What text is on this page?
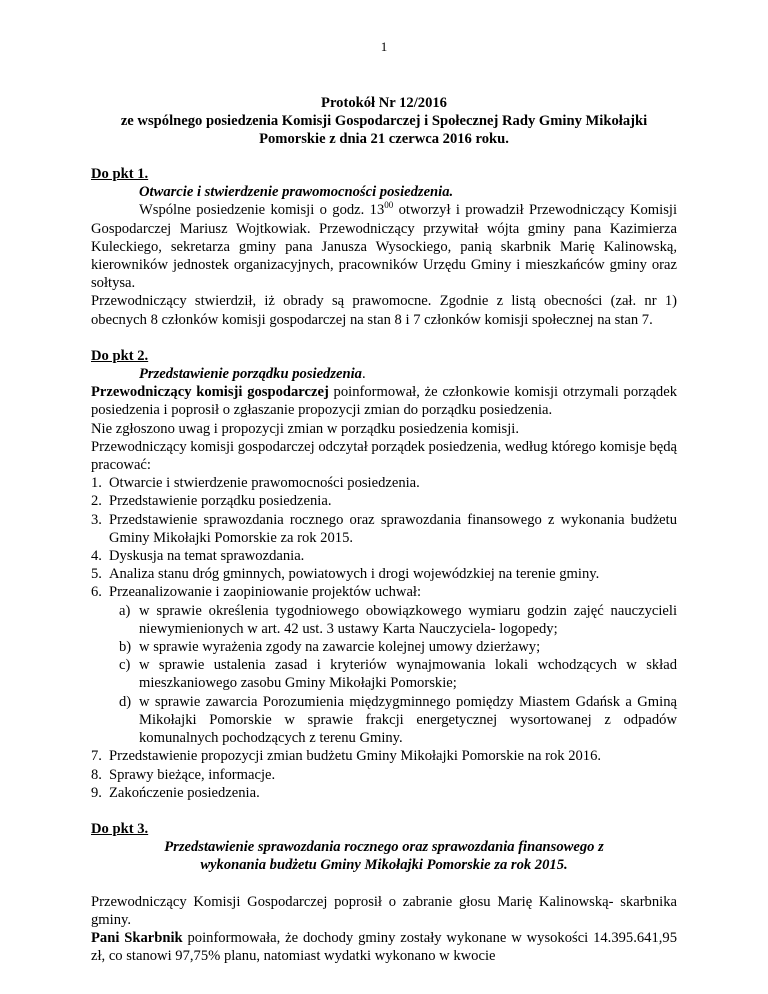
1
Protokół Nr 12/2016
ze wspólnego posiedzenia Komisji Gospodarczej i Społecznej Rady Gminy Mikołajki
Pomorskie z dnia 21 czerwca 2016 roku.
Do pkt 1.
Otwarcie i stwierdzenie prawomocności posiedzenia.

Wspólne posiedzenie komisji o godz. $13^{00}$ otworzył i prowadził Przewodniczący Komisji Gospodarczej Mariusz Wojtkowiak. Przewodniczący przywitał wójta gminy pana Kazimierza Kuleckiego, sekretarza gminy pana Janusza Wysockiego, panią skarbnik Marię Kalinowską, kierowników jednostek organizacyjnych, pracowników Urzędu Gminy i mieszkańców gminy oraz sołtysa.

Przewodniczący stwierdził, iż obrady są prawomocne. Zgodnie z listą obecności (zał. nr 1) obecnych 8 członków komisji gospodarczej na stan 8 i 7 członków komisji społecznej na stan 7.

Do pkt 2.
Przedstawienie porządku posiedzenia.

Przewodniczący komisji gospodarczej poinformował, że członkowie komisji otrzymali porządek posiedzenia i poprosił o zgłaszanie propozycji zmian do porządku posiedzenia.

Nie zgłoszono uwag i propozycji zmian w porządku posiedzenia komisji.

Przewodniczący komisji gospodarczej odczytał porządek posiedzenia, według którego komisje będą pracować:

1. Otwarcie i stwierdzenie prawomocności posiedzenia.
2. Przedstawienie porządku posiedzenia.
3. Przedstawienie sprawozdania rocznego oraz sprawozdania finansowego z wykonania budżetu Gminy Mikołajki Pomorskie za rok 2015.
4. Dyskusja na temat sprawozdania.
5. Analiza stanu dróg gminnych, powiatowych i drogi wojewódzkiej na terenie gminy.
6. Przeanalizowanie i zaopiniowanie projektów uchwał:
a) w sprawie określenia tygodniowego obowiązkowego wymiaru godzin zajęć nauczycieli niewymienionych w art. 42 ust. 3 ustawy Karta Nauczyciela- logopedy;
b) w sprawie wyrażenia zgody na zawarcie kolejnej umowy dzierżawy;
c) w sprawie ustalenia zasad i kryteriów wynajmowania lokali wchodzących w skład mieszkaniowego zasobu Gminy Mikołajki Pomorskie;
d) w sprawie zawarcia Porozumienia międzygminnego pomiędzy Miastem Gdańsk a Gminą Mikołajki Pomorskie w sprawie frakcji energetycznej wysortowanej z odpadów komunalnych pochodzących z terenu Gminy.
7. Przedstawienie propozycji zmian budżetu Gminy Mikołajki Pomorskie na rok 2016.
8. Sprawy bieżące, informacje.
9. Zakończenie posiedzenia.
Do pkt 3.
Przedstawienie sprawozdania rocznego oraz sprawozdania finansowego z
wykonania budżetu Gminy Mikołajki Pomorskie za rok 2015.

Przewodniczący Komisji Gospodarczej poprosił o zabranie głosu Marię Kalinowską- skarbnika gminy.

Pani Skarbnik poinformowała, że dochody gminy zostały wykonane w wysokości 14.395.641,95 zł, co stanowi 97,75% planu, natomiast wydatki wykonano w kwocie
